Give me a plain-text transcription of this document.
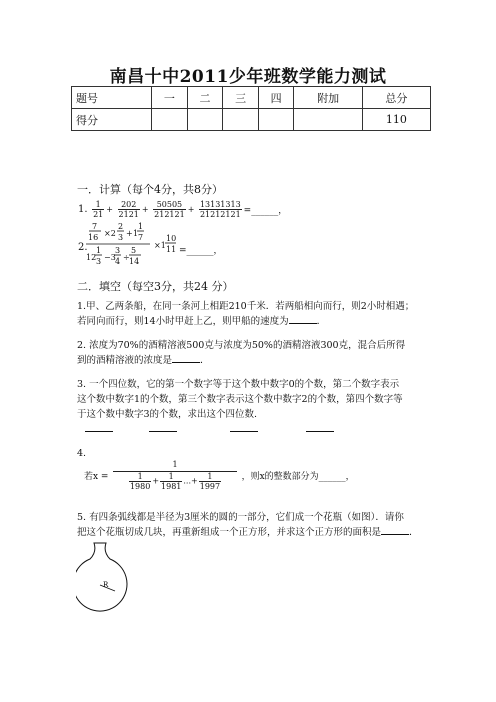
南昌十中2011少年班数学能力测试
题号	一	二	三	四	附加	总分
得分						110
一．计算（每个4分，共8分）
1. $\frac{1}{21} + \frac{202}{2121} + \frac{50505}{212121} + \frac{13131313}{21212121}$ =______，
2.
7
16 ×2
2
3 + 1
1
7
12
1
3 −3
3
4 ÷
5
14
×1
10
11 =______，
二．填空（每空3分，共24 分）
1.甲、乙两条船，在同一条河上相距210千米．若两船相向而行，则2小时相遇；
若同向而行，则14小时甲赶上乙，则甲船的速度为	．
2. 浓度为70%的酒精溶液500克与浓度为50%的酒精溶液300克，混合后所得
到的酒精溶液的浓度是	．
3. 一个四位数，它的第一个数字等于这个数中数字0的个数，第二个数字表示
这个数中数字1的个数，第三个数字表示这个数中数字2的个数，第四个数字等
于这个数中数字3的个数，求出这个四位数.
4.
若$x = \frac{1}{\frac{1}{1980} + \frac{1}{1981} ...+ \frac{1}{1997}}$ ，则x的整数部分为______，
5. 有四条弧线都是半径为3厘米的圆的一部分，它们成一个花瓶（如图）．请你
把这个花瓶切成几块，再重新组成一个正方形，并求这个正方形的面积是	．
R
